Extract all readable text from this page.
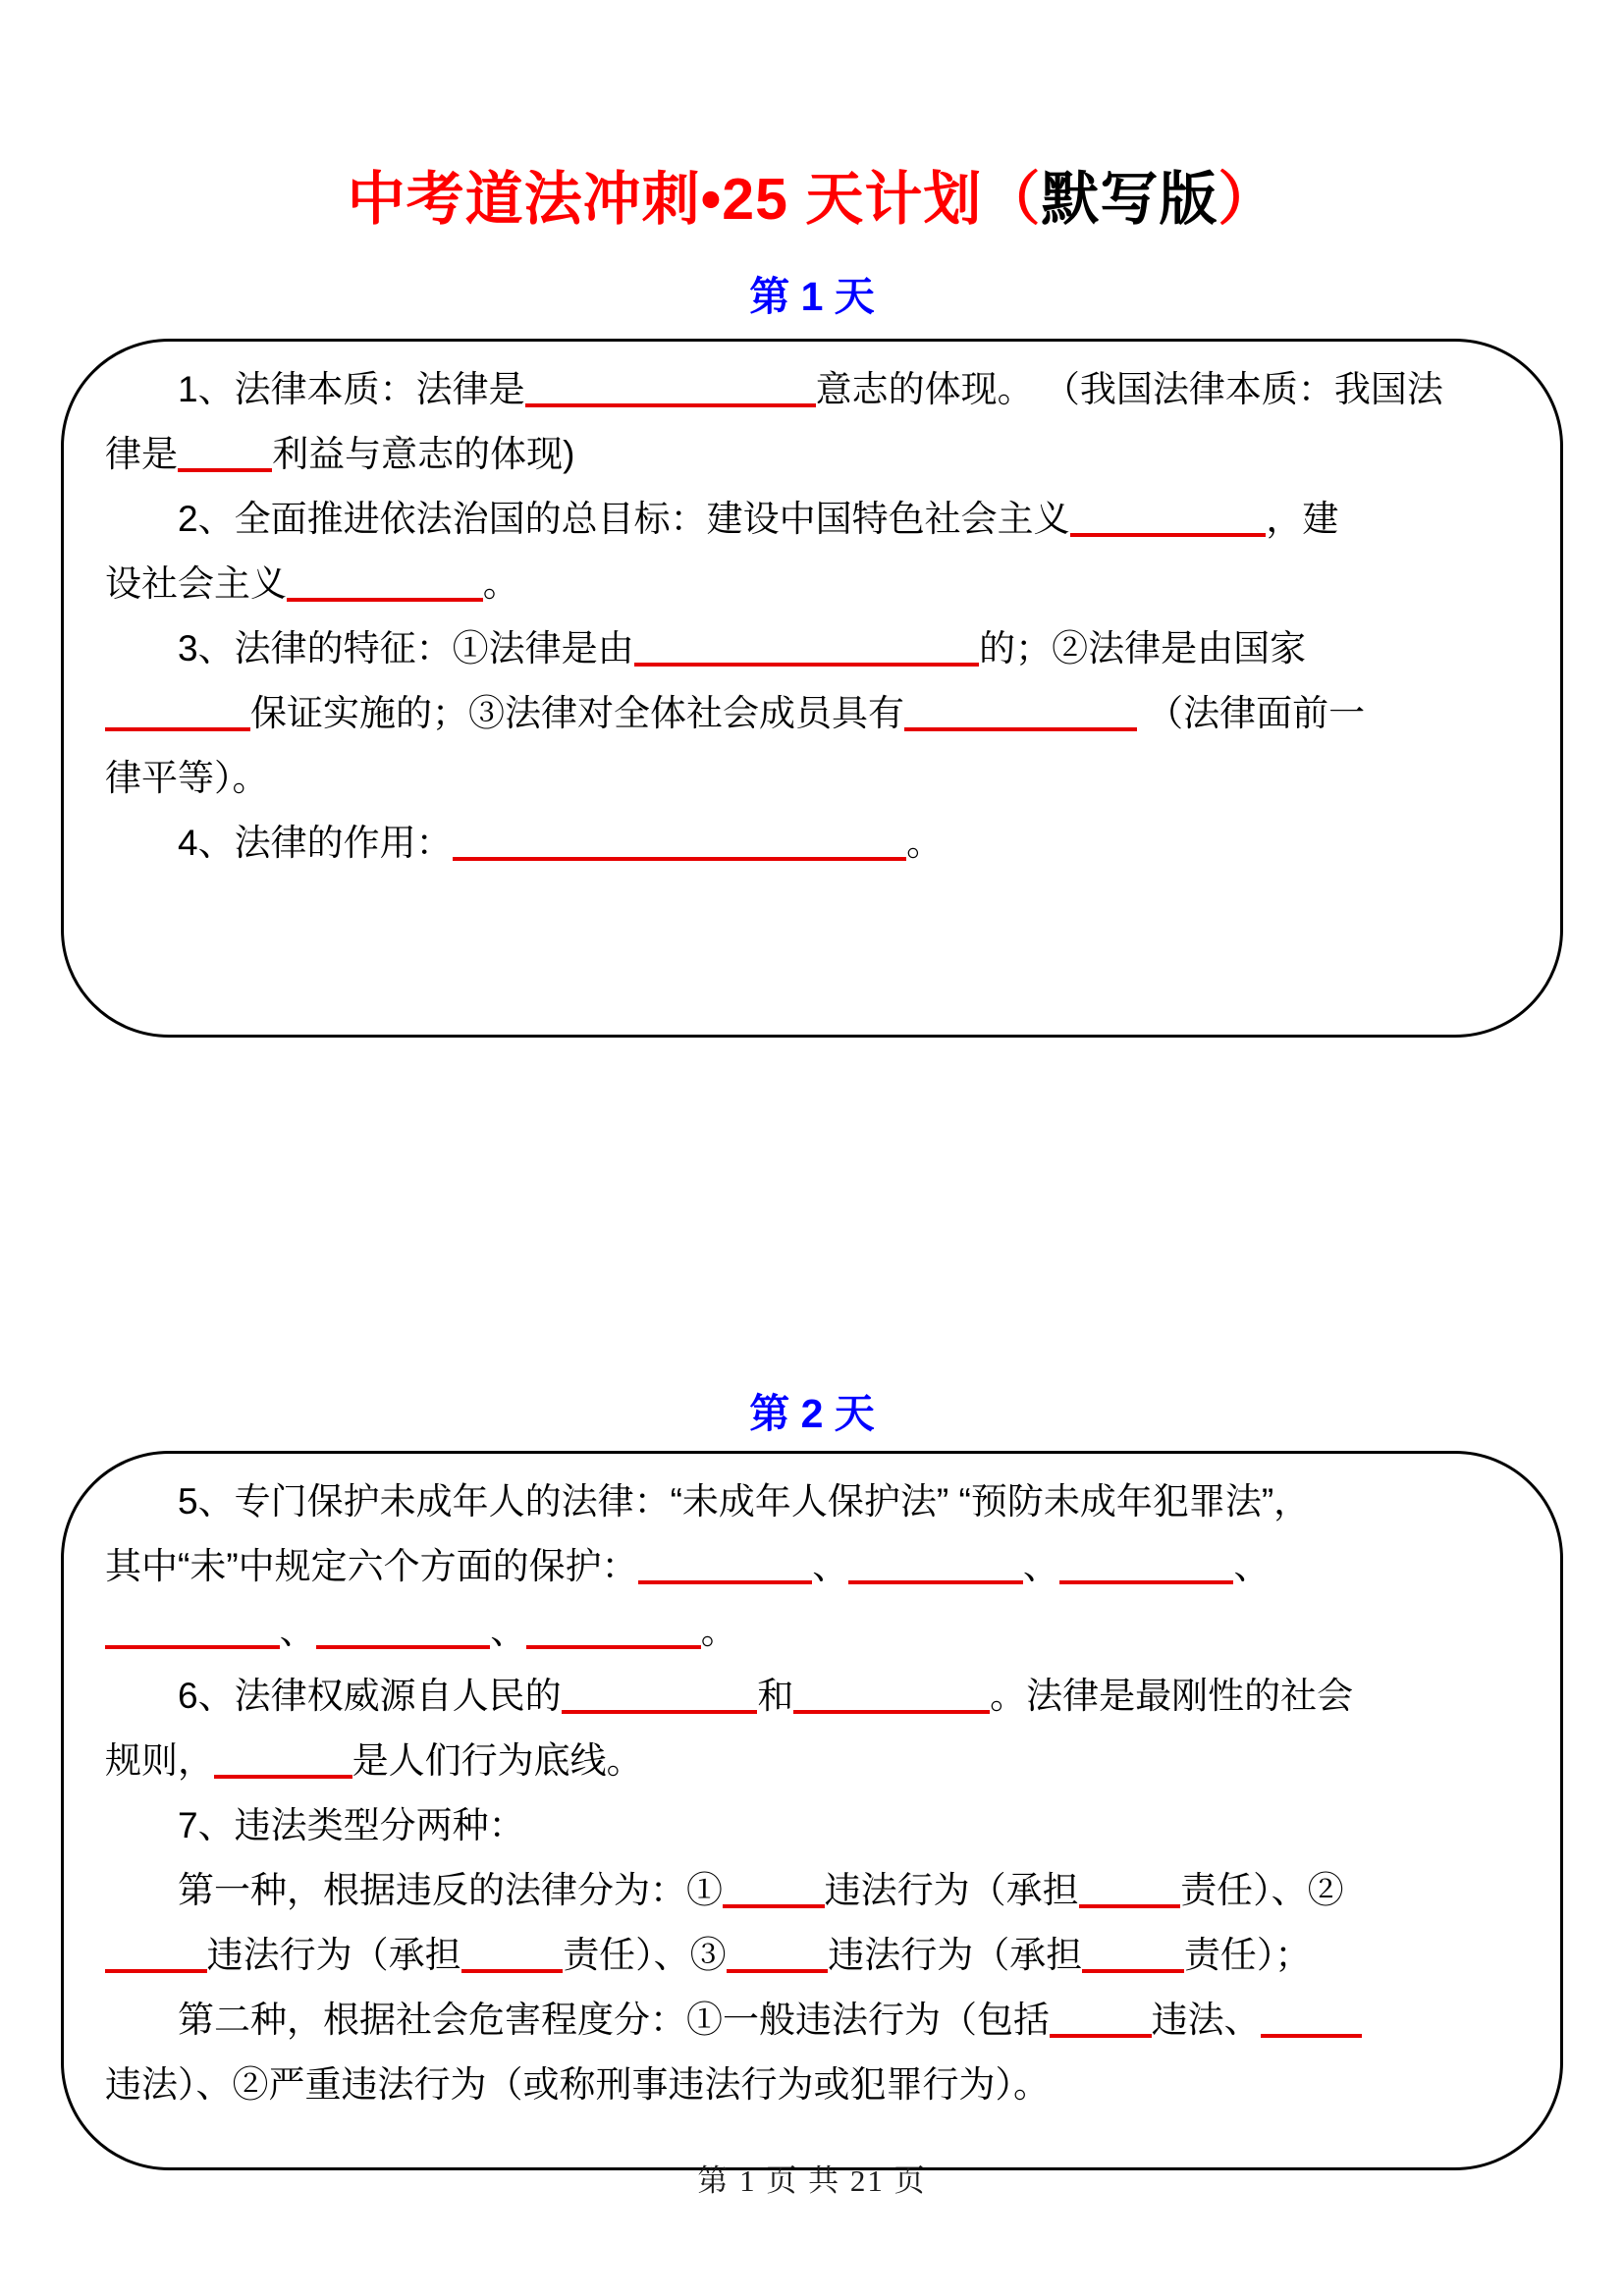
中考道法冲刺•25 天计划（默写版）
第 1 天
　　1、法律本质：法律是	意志的体现。 （我国法律本质：我国法
律是	利益与意志的体现)
　　2、全面推进依法治国的总目标：建设中国特色社会主义	，建
设社会主义	。
　　3、法律的特征：①法律是由	的；②法律是由国家
保证实施的；③法律对全体社会成员具有	（法律面前一
律平等）。
　　4、法律的作用：	。
第 2 天
　　5、专门保护未成年人的法律：“未成年人保护法” “预防未成年犯罪法”，
其中“未”中规定六个方面的保护：	、	、	、
、	、	。
　　6、法律权威源自人民的	和	。法律是最刚性的社会
规则，	是人们行为底线。
　　7、违法类型分两种：
　　第一种，根据违反的法律分为：①	违法行为（承担	责任）、②
违法行为（承担	责任）、③	违法行为（承担	责任）；
　　第二种，根据社会危害程度分：①一般违法行为（包括	违法、
违法）、②严重违法行为（或称刑事违法行为或犯罪行为）。
第 1 页 共 21 页
